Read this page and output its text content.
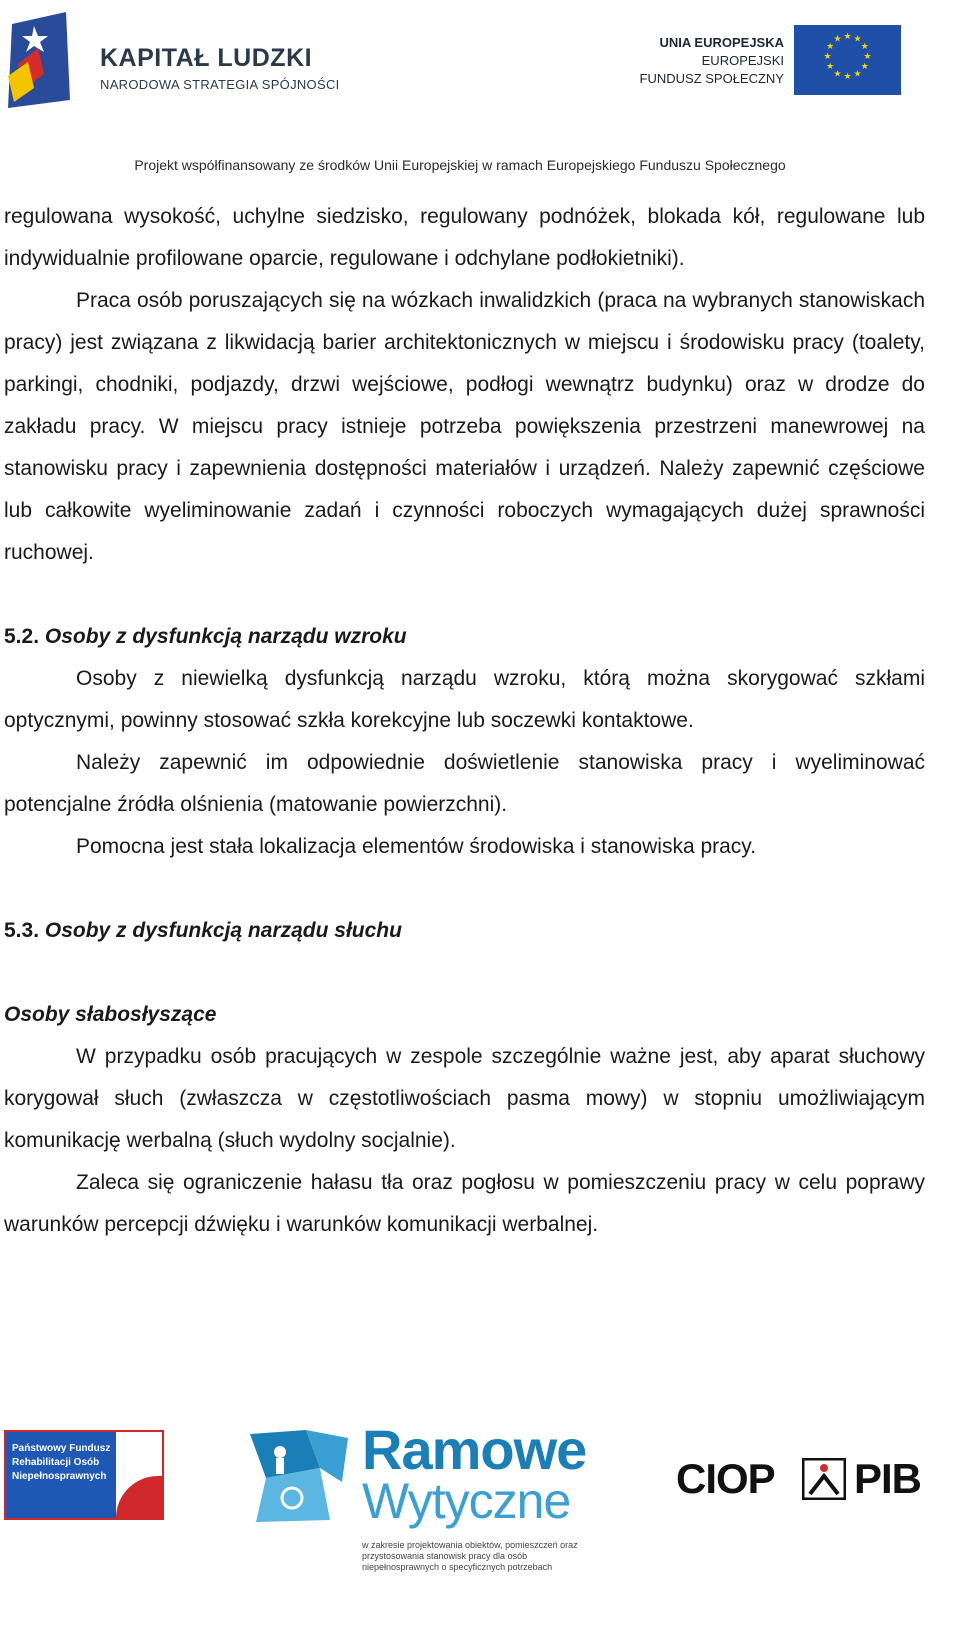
KAPITAŁ LUDZKI
NARODOWA STRATEGIA SPÓJNOŚCI
UNIA EUROPEJSKA
EUROPEJSKI
FUNDUSZ SPOŁECZNY
★ ★
★
★
★
★
★
★
★
★
★
★
Projekt współfinansowany ze środków Unii Europejskiej w ramach Europejskiego Funduszu Społecznego

regulowana wysokość, uchylne siedzisko, regulowany podnóżek, blokada kół, regulowane lub indywidualnie profilowane oparcie, regulowane i odchylane podłokietniki).

Praca osób poruszających się na wózkach inwalidzkich (praca na wybranych stanowiskach pracy) jest związana z likwidacją barier architektonicznych w miejscu i środowisku pracy (toalety, parkingi, chodniki, podjazdy, drzwi wejściowe, podłogi wewnątrz budynku) oraz w drodze do zakładu pracy. W miejscu pracy istnieje potrzeba powiększenia przestrzeni manewrowej na stanowisku pracy i zapewnienia dostępności materiałów i urządzeń. Należy zapewnić częściowe lub całkowite wyeliminowanie zadań i czynności roboczych wymagających dużej sprawności ruchowej.

5.2. Osoby z dysfunkcją narządu wzroku

Osoby z niewielką dysfunkcją narządu wzroku, którą można skorygować szkłami optycznymi, powinny stosować szkła korekcyjne lub soczewki kontaktowe.

Należy zapewnić im odpowiednie doświetlenie stanowiska pracy i wyeliminować potencjalne źródła olśnienia (matowanie powierzchni).

Pomocna jest stała lokalizacja elementów środowiska i stanowiska pracy.

5.3. Osoby z dysfunkcją narządu słuchu
Osoby słabosłyszące

W przypadku osób pracujących w zespole szczególnie ważne jest, aby aparat słuchowy korygował słuch (zwłaszcza w częstotliwościach pasma mowy) w stopniu umożliwiającym komunikację werbalną (słuch wydolny socjalnie).

Zaleca się ograniczenie hałasu tła oraz pogłosu w pomieszczeniu pracy w celu poprawy warunków percepcji dźwięku i warunków komunikacji werbalnej.

Państwowy Fundusz Rehabilitacji Osób Niepełnosprawnych	Ramowe
Wytyczne
w zakresie projektowania obiektów, pomieszczeń oraz przystosowania stanowisk pracy dla osób niepełnosprawnych o specyficznych potrzebach
CIOP PIB
